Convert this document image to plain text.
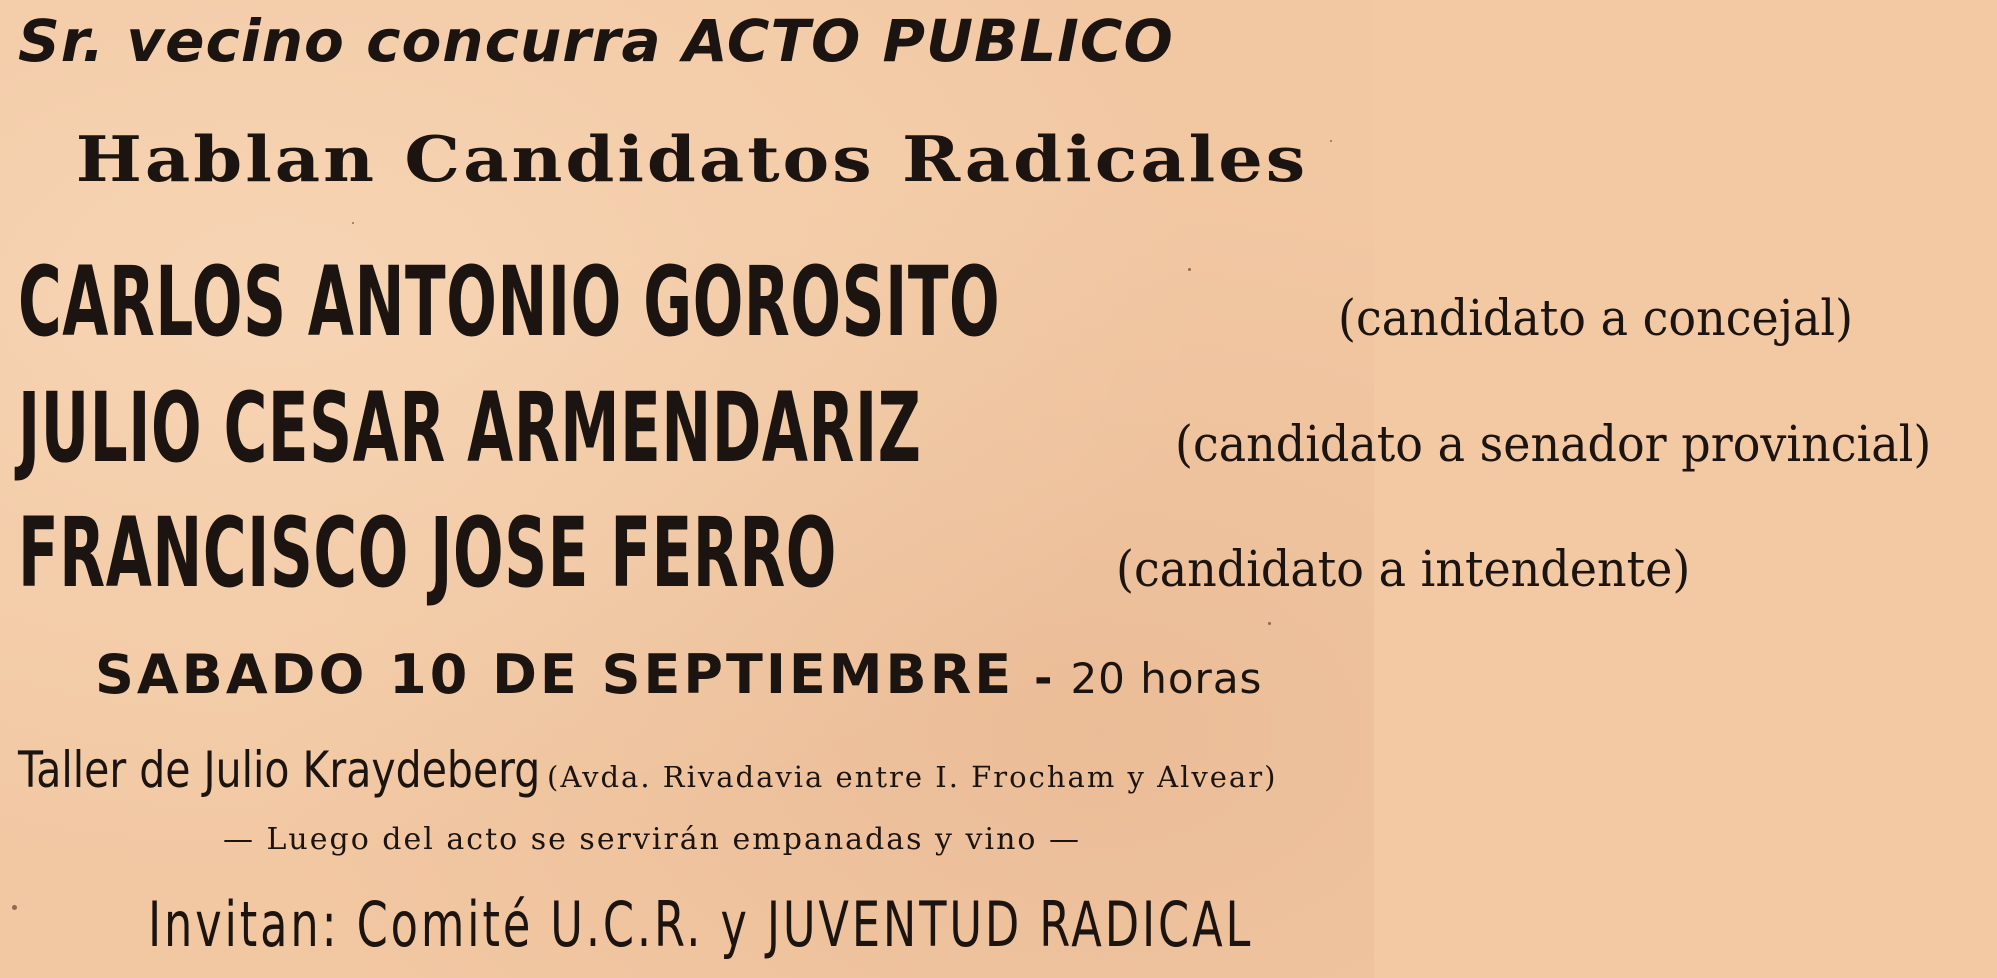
Sr. vecino concurra ACTO PUBLICO
Hablan Candidatos Radicales
CARLOS ANTONIO GOROSITO	(candidato a concejal)
JULIO CESAR ARMENDARIZ	(candidato a senador provincial)
FRANCISCO JOSE FERRO	(candidato a intendente)
SABADO 10 DE SEPTIEMBRE - 20 horas
Taller de Julio Kraydeberg (Avda. Rivadavia entre I. Frocham y Alvear)
— Luego del acto se servirán empanadas y vino —
Invitan: Comité U.C.R. y JUVENTUD RADICAL
